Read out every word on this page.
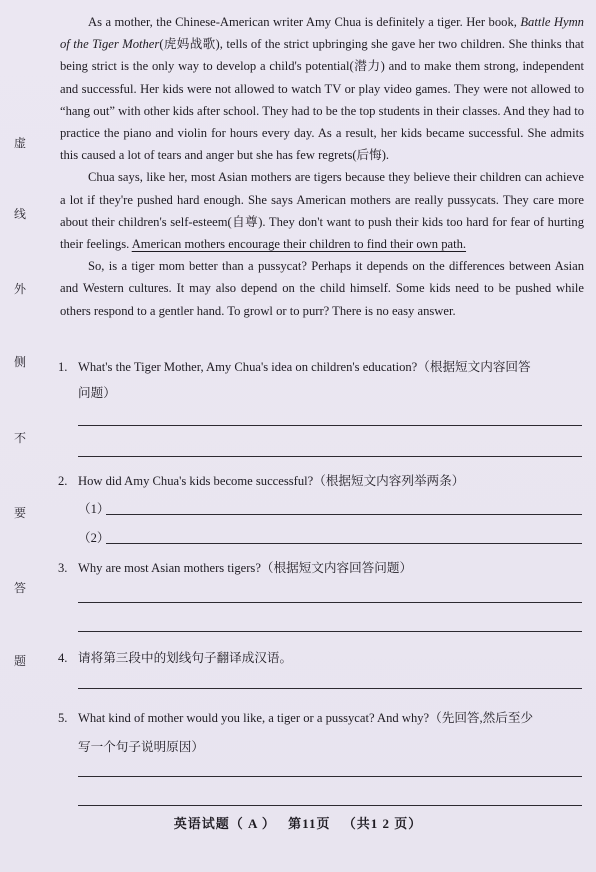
虚
线
外
侧
不
要
答
题

As a mother, the Chinese-American writer Amy Chua is definitely a tiger. Her book, Battle Hymn of the Tiger Mother(虎妈战歌), tells of the strict upbringing she gave her two children. She thinks that being strict is the only way to develop a child's potential(潜力) and to make them strong, independent and successful. Her kids were not allowed to watch TV or play video games. They were not allowed to “hang out” with other kids after school. They had to be the top students in their classes. And they had to practice the piano and violin for hours every day. As a result, her kids became successful. She admits this caused a lot of tears and anger but she has few regrets(后悔).

Chua says, like her, most Asian mothers are tigers because they believe their children can achieve a lot if they're pushed hard enough. She says American mothers are really pussycats. They care more about their children's self-esteem(自尊). They don't want to push their kids too hard for fear of hurting their feelings. American mothers encourage their children to find their own path.

So, is a tiger mom better than a pussycat? Perhaps it depends on the differences between Asian and Western cultures. It may also depend on the child himself. Some kids need to be pushed while others respond to a gentler hand. To growl or to purr? There is no easy answer.

1. What's the Tiger Mother, Amy Chua's idea on children's education?（根据短文内容回答
问题）
2. How did Amy Chua's kids become successful?（根据短文内容列举两条）
（1）
（2）
3. Why are most Asian mothers tigers?（根据短文内容回答问题）
4. 请将第三段中的划线句子翻译成汉语。
5. What kind of mother would you like, a tiger or a pussycat? And why?（先回答,然后至少
写一个句子说明原因）
英语试题（ A ） 第11页 （共1 2 页）
